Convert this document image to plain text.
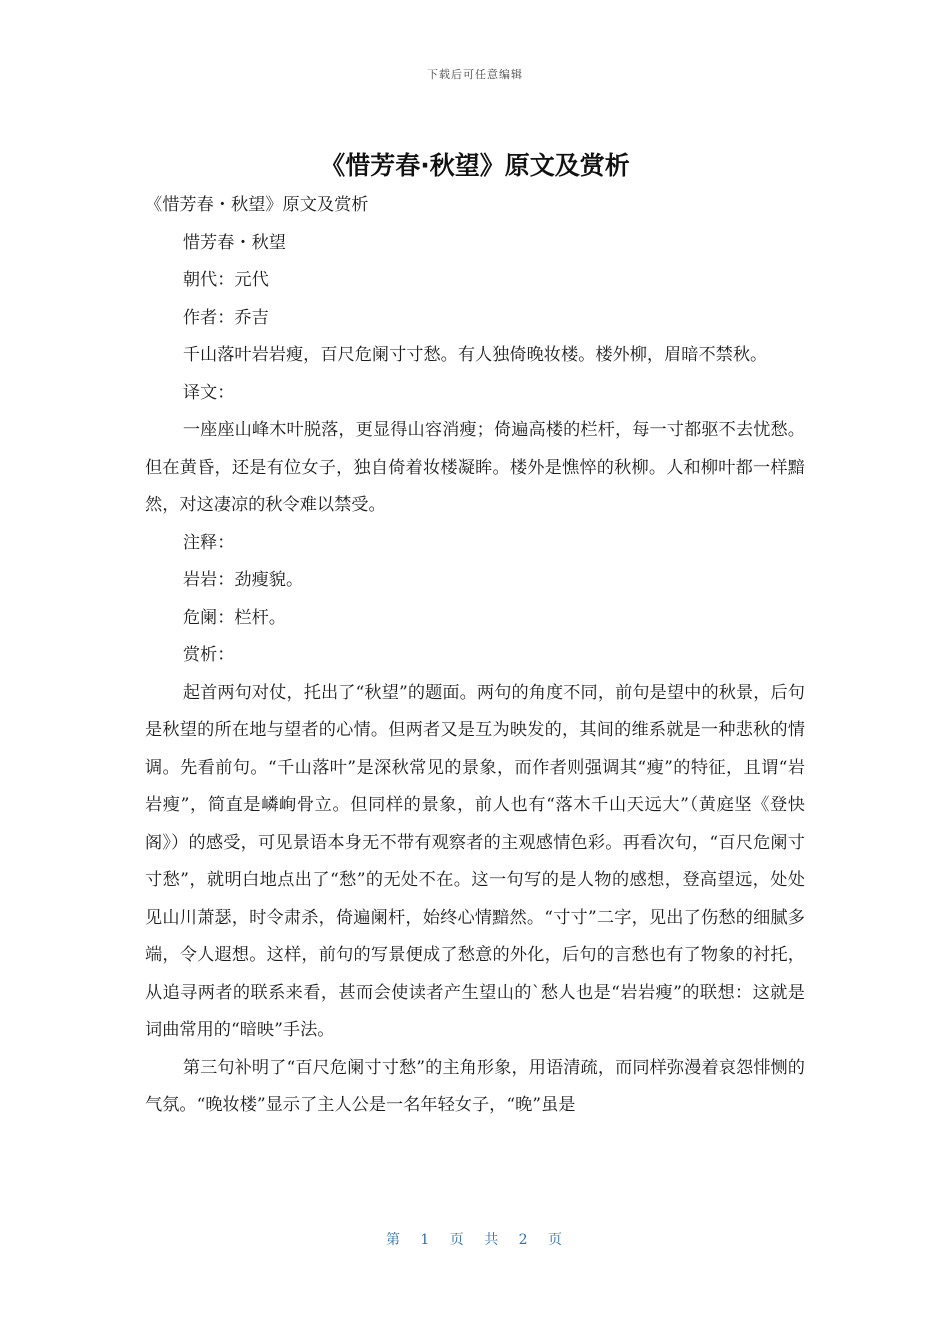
下载后可任意编辑
《惜芳春·秋望》原文及赏析

《惜芳春・秋望》原文及赏析

惜芳春・秋望

朝代：元代

作者：乔吉

千山落叶岩岩瘦，百尺危阑寸寸愁。有人独倚晚妆楼。楼外柳，眉暗不禁秋。

译文：

一座座山峰木叶脱落，更显得山容消瘦；倚遍高楼的栏杆，每一寸都驱不去忧愁。但在黄昏，还是有位女子，独自倚着妆楼凝眸。楼外是憔悴的秋柳。人和柳叶都一样黯然，对这凄凉的秋令难以禁受。

注释：

岩岩：劲瘦貌。

危阑：栏杆。

赏析：

起首两句对仗，托出了“秋望”的题面。两句的角度不同，前句是望中的秋景，后句是秋望的所在地与望者的心情。但两者又是互为映发的，其间的维系就是一种悲秋的情调。先看前句。“千山落叶”是深秋常见的景象，而作者则强调其“瘦”的特征，且谓“岩岩瘦”，简直是嶙峋骨立。但同样的景象，前人也有“落木千山天远大”（黄庭坚《登快阁》）的感受，可见景语本身无不带有观察者的主观感情色彩。再看次句，“百尺危阑寸寸愁”，就明白地点出了“愁”的无处不在。这一句写的是人物的感想，登高望远，处处见山川萧瑟，时令肃杀，倚遍阑杆，始终心情黯然。“寸寸”二字，见出了伤愁的细腻多端，令人遐想。这样，前句的写景便成了愁意的外化，后句的言愁也有了物象的衬托，从追寻两者的联系来看，甚而会使读者产生望山的`愁人也是“岩岩瘦”的联想：这就是词曲常用的“暗映”手法。

第三句补明了“百尺危阑寸寸愁”的主角形象，用语清疏，而同样弥漫着哀怨悱恻的气氛。“晚妆楼”显示了主人公是一名年轻女子，“晚”虽是

第 1 页 共 2 页
